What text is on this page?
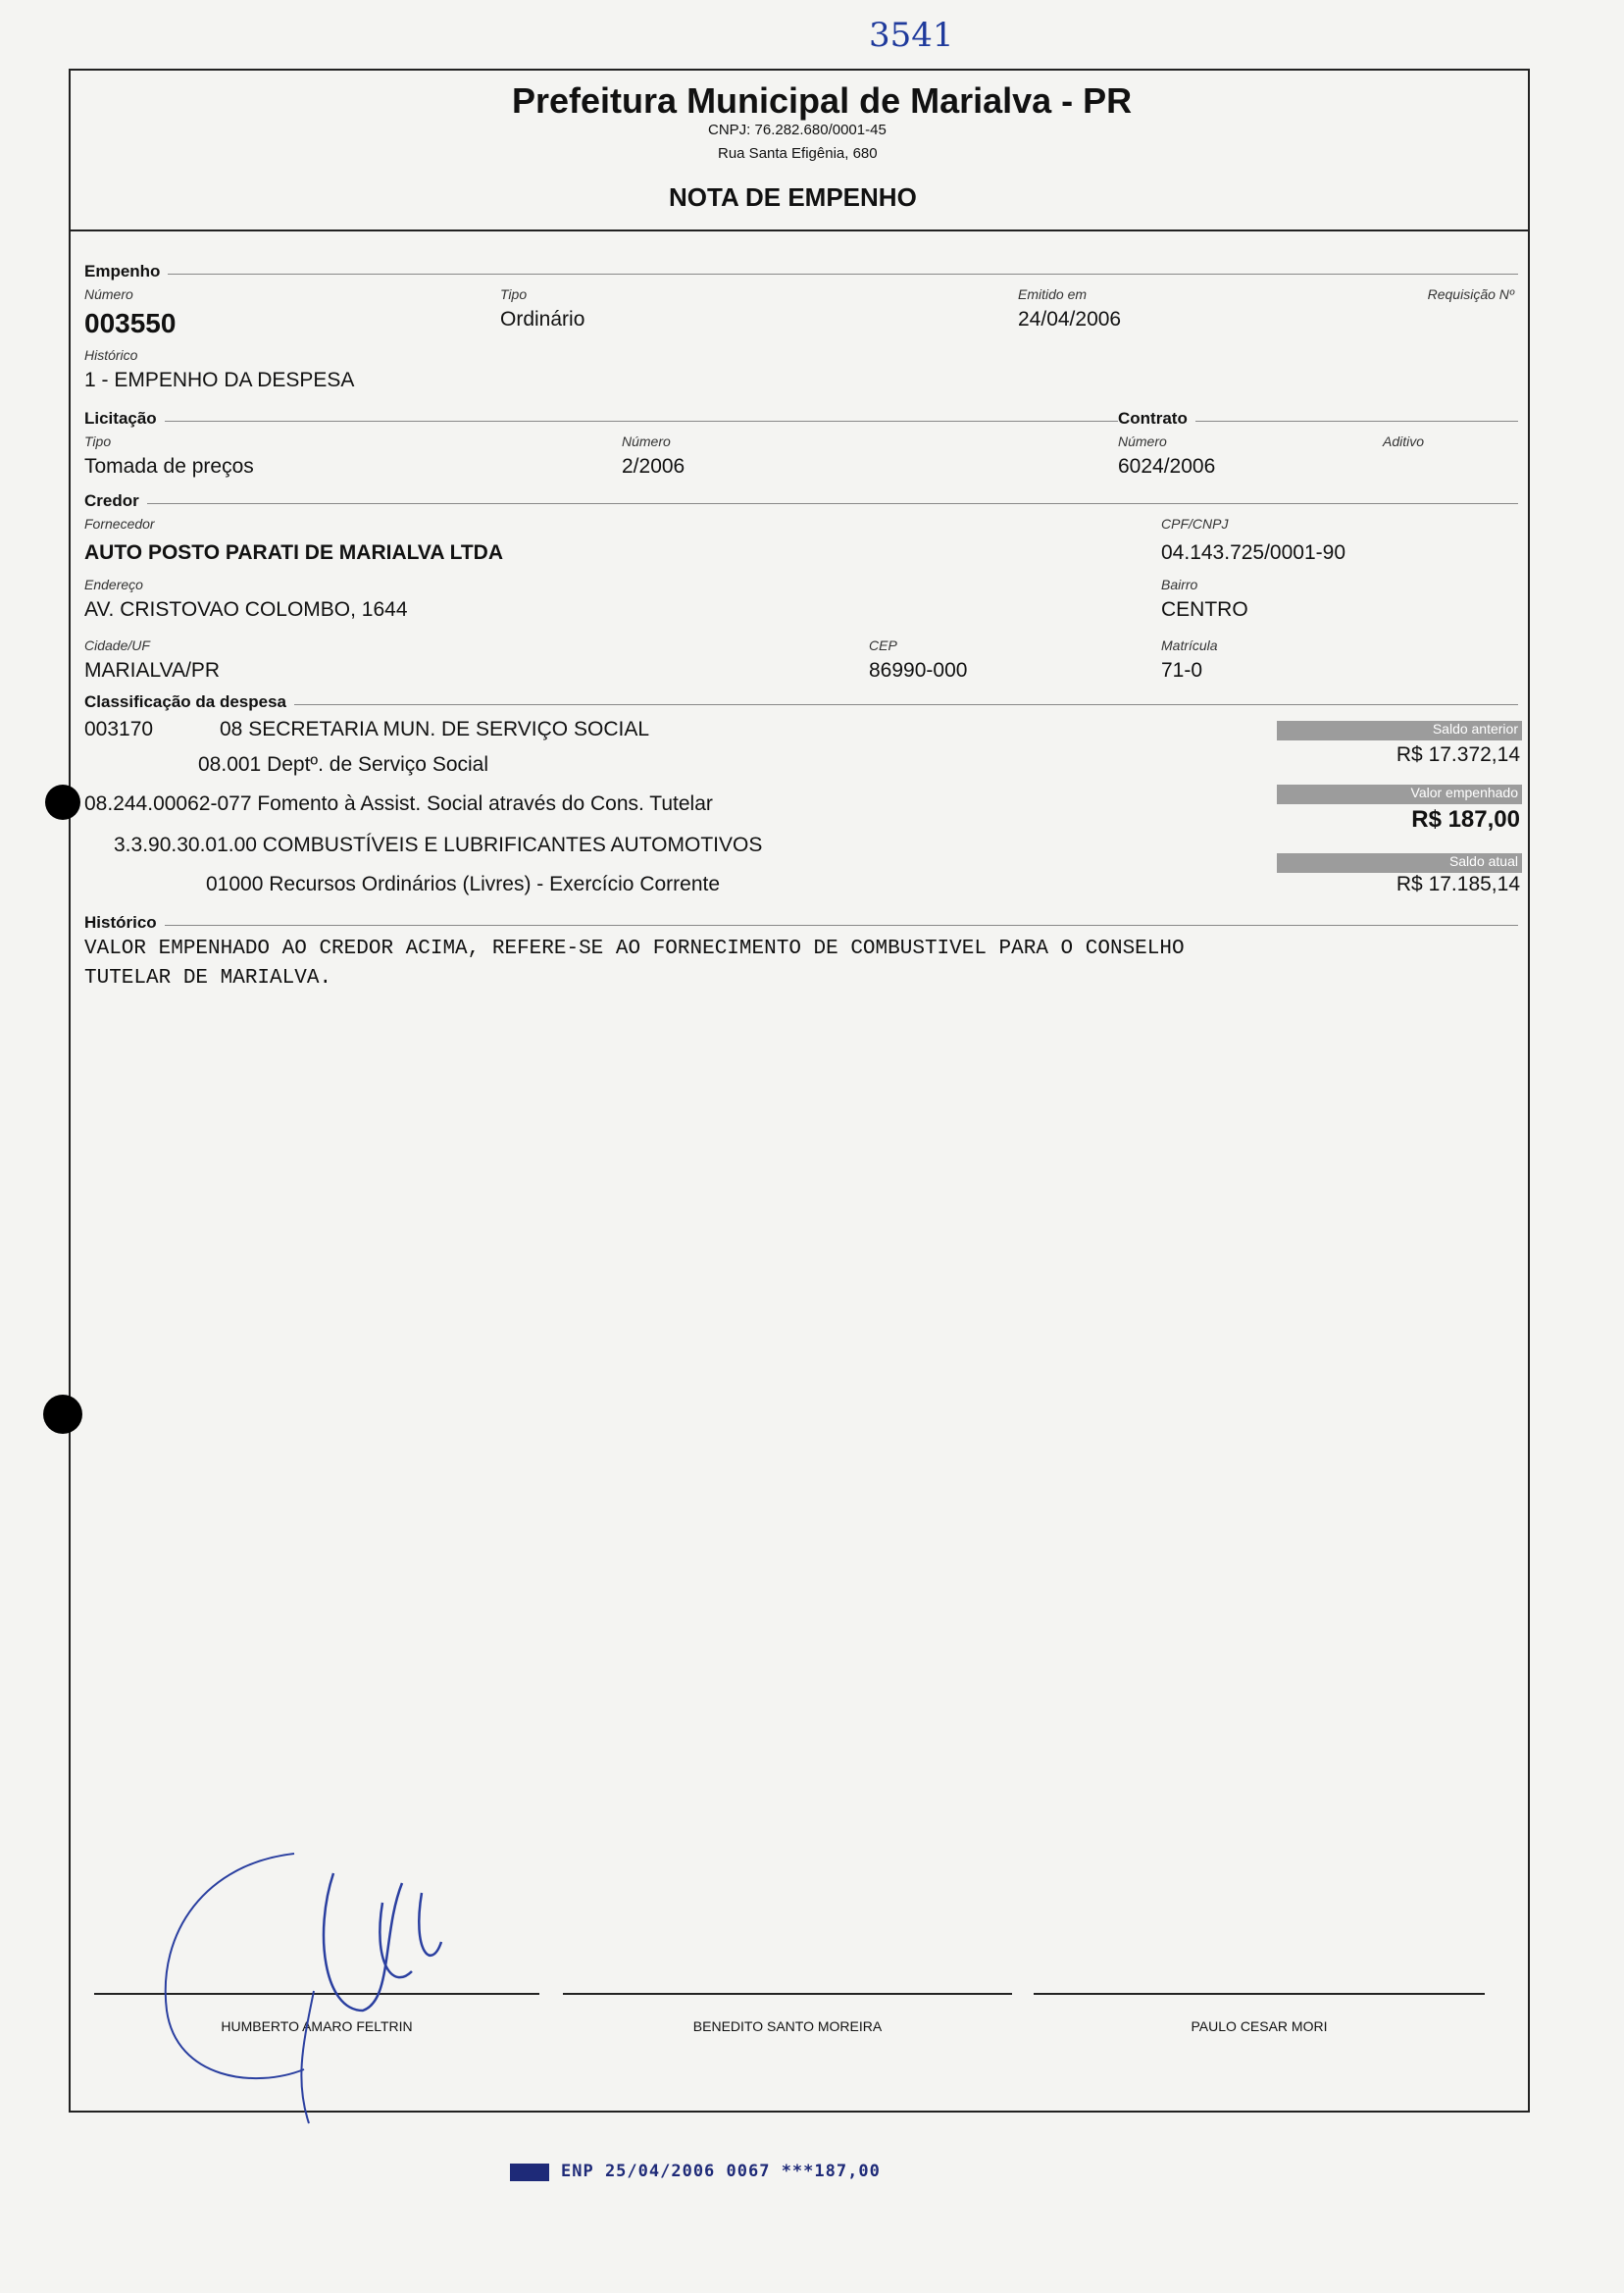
3541
Prefeitura Municipal de Marialva - PR
CNPJ: 76.282.680/0001-45
Rua Santa Efigênia, 680
NOTA DE EMPENHO
Empenho
Número
003550
Tipo
Ordinário
Emitido em
24/04/2006
Requisição Nº
Histórico
1 - EMPENHO DA DESPESA
Licitação	Contrato
Tipo
Tomada de preços
Número
2/2006
Número
6024/2006
Aditivo
Credor
Fornecedor
AUTO POSTO PARATI DE MARIALVA LTDA
CPF/CNPJ
04.143.725/0001-90
Endereço
AV. CRISTOVAO COLOMBO, 1644
Bairro
CENTRO
Cidade/UF
MARIALVA/PR
CEP
86990-000
Matrícula
71-0
Classificação da despesa
003170	08 SECRETARIA MUN. DE SERVIÇO SOCIAL
08.001 Deptº. de Serviço Social
08.244.00062-077 Fomento à Assist. Social através do Cons. Tutelar
3.3.90.30.01.00 COMBUSTÍVEIS E LUBRIFICANTES AUTOMOTIVOS
01000 Recursos Ordinários (Livres) - Exercício Corrente
Saldo anterior
R$ 17.372,14
Valor empenhado
R$ 187,00
Saldo atual
R$ 17.185,14
Histórico
VALOR EMPENHADO AO CREDOR ACIMA, REFERE-SE AO FORNECIMENTO DE COMBUSTIVEL PARA O CONSELHO
TUTELAR DE MARIALVA.
HUMBERTO AMARO FELTRIN	BENEDITO SANTO MOREIRA	PAULO CESAR MORI
ENP 25/04/2006 0067 ***187,00
